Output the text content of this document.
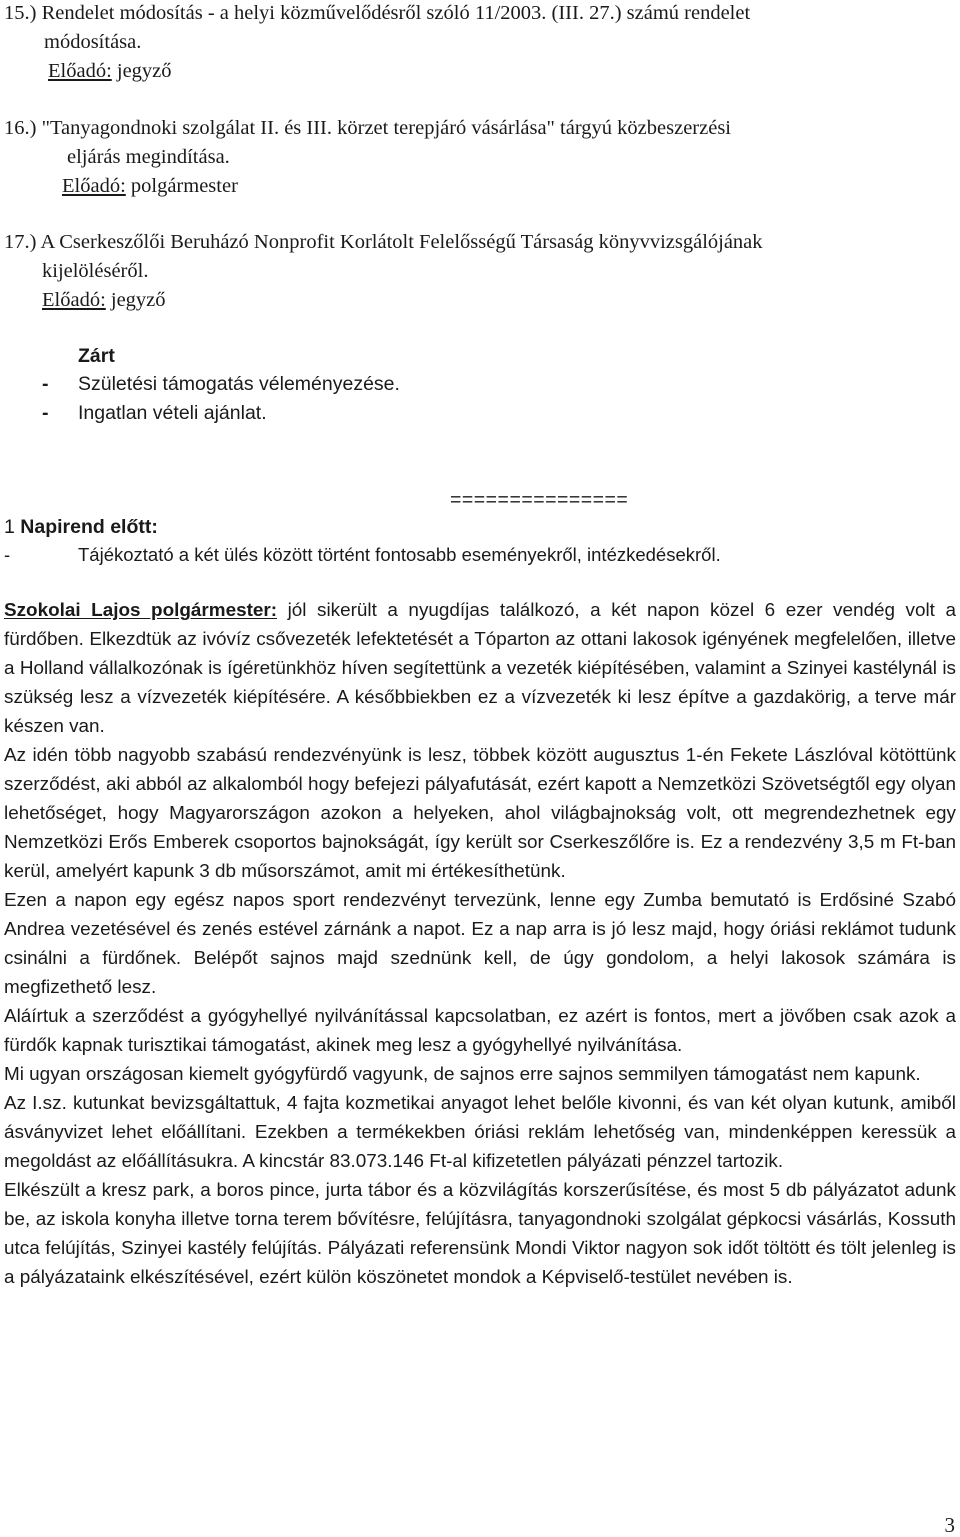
15.) Rendelet módosítás - a helyi közművelődésről szóló 11/2003. (III. 27.) számú rendelet
módosítása.
Előadó: jegyző
16.) "Tanyagondnoki szolgálat II. és III. körzet terepjáró vásárlása" tárgyú közbeszerzési
eljárás megindítása.
Előadó: polgármester
17.) A Cserkeszőlői Beruházó Nonprofit Korlátolt Felelősségű Társaság könyvvizsgálójának
kijelöléséről.
Előadó: jegyző
Zárt
- Születési támogatás véleményezése.
- Ingatlan vételi ajánlat.
===============
1 Napirend előtt:
-	Tájékoztató a két ülés között történt fontosabb eseményekről, intézkedésekről.

Szokolai Lajos polgármester: jól sikerült a nyugdíjas találkozó, a két napon közel 6 ezer vendég volt a fürdőben. Elkezdtük az ivóvíz csővezeték lefektetését a Tóparton az ottani lakosok igényének megfelelően, illetve a Holland vállalkozónak is ígéretünkhöz híven segítettünk a vezeték kiépítésében, valamint a Szinyei kastélynál is szükség lesz a vízvezeték kiépítésére. A későbbiekben ez a vízvezeték ki lesz építve a gazdakörig, a terve már készen van.

Az idén több nagyobb szabású rendezvényünk is lesz, többek között augusztus 1-én Fekete Lászlóval kötöttünk szerződést, aki abból az alkalomból hogy befejezi pályafutását, ezért kapott a Nemzetközi Szövetségtől egy olyan lehetőséget, hogy Magyarországon azokon a helyeken, ahol világbajnokság volt, ott megrendezhetnek egy Nemzetközi Erős Emberek csoportos bajnokságát, így került sor Cserkeszőlőre is. Ez a rendezvény 3,5 m Ft-ban kerül, amelyért kapunk 3 db műsorszámot, amit mi értékesíthetünk.

Ezen a napon egy egész napos sport rendezvényt tervezünk, lenne egy Zumba bemutató is Erdősiné Szabó Andrea vezetésével és zenés estével zárnánk a napot. Ez a nap arra is jó lesz majd, hogy óriási reklámot tudunk csinálni a fürdőnek. Belépőt sajnos majd szednünk kell, de úgy gondolom, a helyi lakosok számára is megfizethető lesz.

Aláírtuk a szerződést a gyógyhellyé nyilvánítással kapcsolatban, ez azért is fontos, mert a jövőben csak azok a fürdők kapnak turisztikai támogatást, akinek meg lesz a gyógyhellyé nyilvánítása.

Mi ugyan országosan kiemelt gyógyfürdő vagyunk, de sajnos erre sajnos semmilyen támogatást nem kapunk.

Az I.sz. kutunkat bevizsgáltattuk, 4 fajta kozmetikai anyagot lehet belőle kivonni, és van két olyan kutunk, amiből ásványvizet lehet előállítani. Ezekben a termékekben óriási reklám lehetőség van, mindenképpen keressük a megoldást az előállításukra. A kincstár 83.073.146 Ft-al kifizetetlen pályázati pénzzel tartozik.

Elkészült a kresz park, a boros pince, jurta tábor és a közvilágítás korszerűsítése, és most 5 db pályázatot adunk be, az iskola konyha illetve torna terem bővítésre, felújításra, tanyagondnoki szolgálat gépkocsi vásárlás, Kossuth utca felújítás, Szinyei kastély felújítás. Pályázati referensünk Mondi Viktor nagyon sok időt töltött és tölt jelenleg is a pályázataink elkészítésével, ezért külön köszönetet mondok a Képviselő-testület nevében is.

3
